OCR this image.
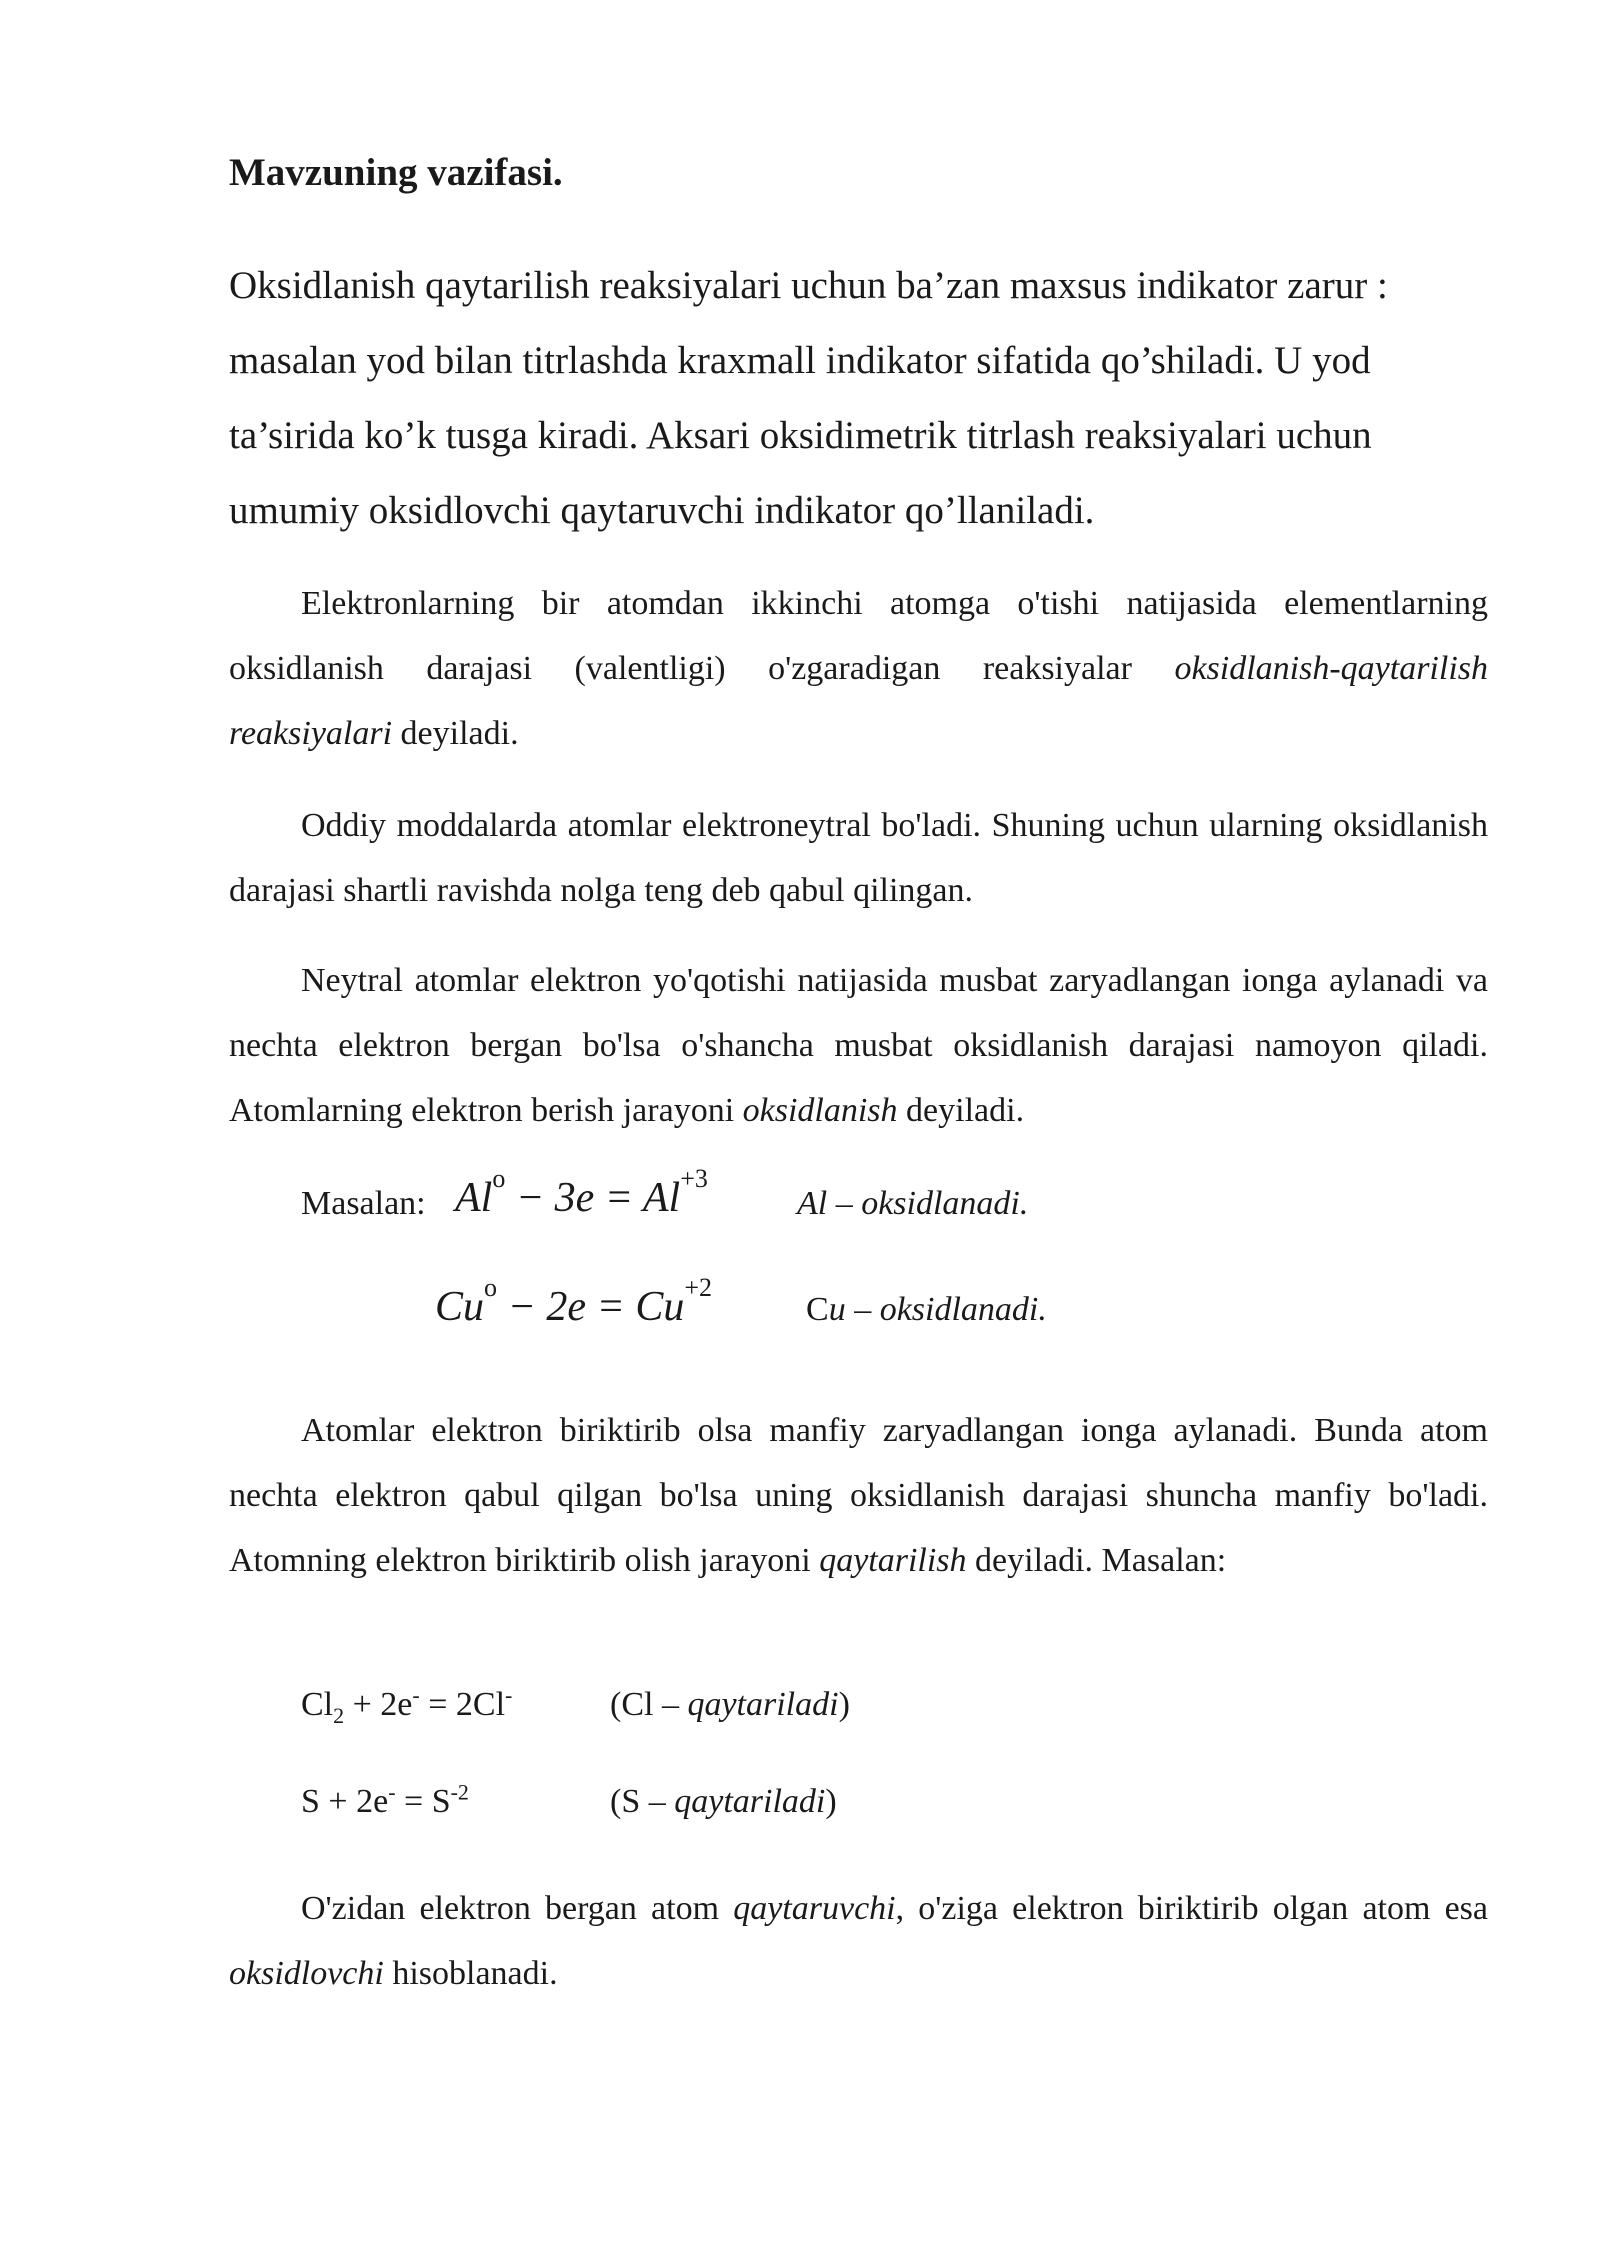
Mavzuning vazifasi.

Oksidlanish qaytarilish reaksiyalari uchun ba’zan maxsus indikator zarur : masalan yod bilan titrlashda kraxmall indikator sifatida qo’shiladi. U yod ta’sirida ko’k tusga kiradi. Aksari oksidimetrik titrlash reaksiyalari uchun umumiy oksidlovchi qaytaruvchi indikator qo’llaniladi.

Elektronlarning bir atomdan ikkinchi atomga o'tishi natijasida elementlarning oksidlanish darajasi (valentligi) o'zgaradigan reaksiyalar oksidlanish-qaytarilish reaksiyalari deyiladi.

Oddiy moddalarda atomlar elektroneytral bo'ladi. Shuning uchun ularning oksidlanish darajasi shartli ravishda nolga teng deb qabul qilingan.

Neytral atomlar elektron yo'qotishi natijasida musbat zaryadlangan ionga aylanadi va nechta elektron bergan bo'lsa o'shancha musbat oksidlanish darajasi namoyon qiladi. Atomlarning elektron berish jarayoni oksidlanish deyiladi.

Masalan: $Al^o - 3e = Al^{+3}$
Al – oksidlanadi.
$Cu^o - 2e = Cu^{+2}$
Cu – oksidlanadi.

Atomlar elektron biriktirib olsa manfiy zaryadlangan ionga aylanadi. Bunda atom nechta elektron qabul qilgan bo'lsa uning oksidlanish darajasi shuncha manfiy bo'ladi. Atomning elektron biriktirib olish jarayoni qaytarilish deyiladi. Masalan:

$Cl_2 + 2e^- = 2Cl^-$	(Cl – qaytariladi)
$S + 2e^- = S^{-2}$	(S – qaytariladi)

O'zidan elektron bergan atom qaytaruvchi, o'ziga elektron biriktirib olgan atom esa oksidlovchi hisoblanadi.
